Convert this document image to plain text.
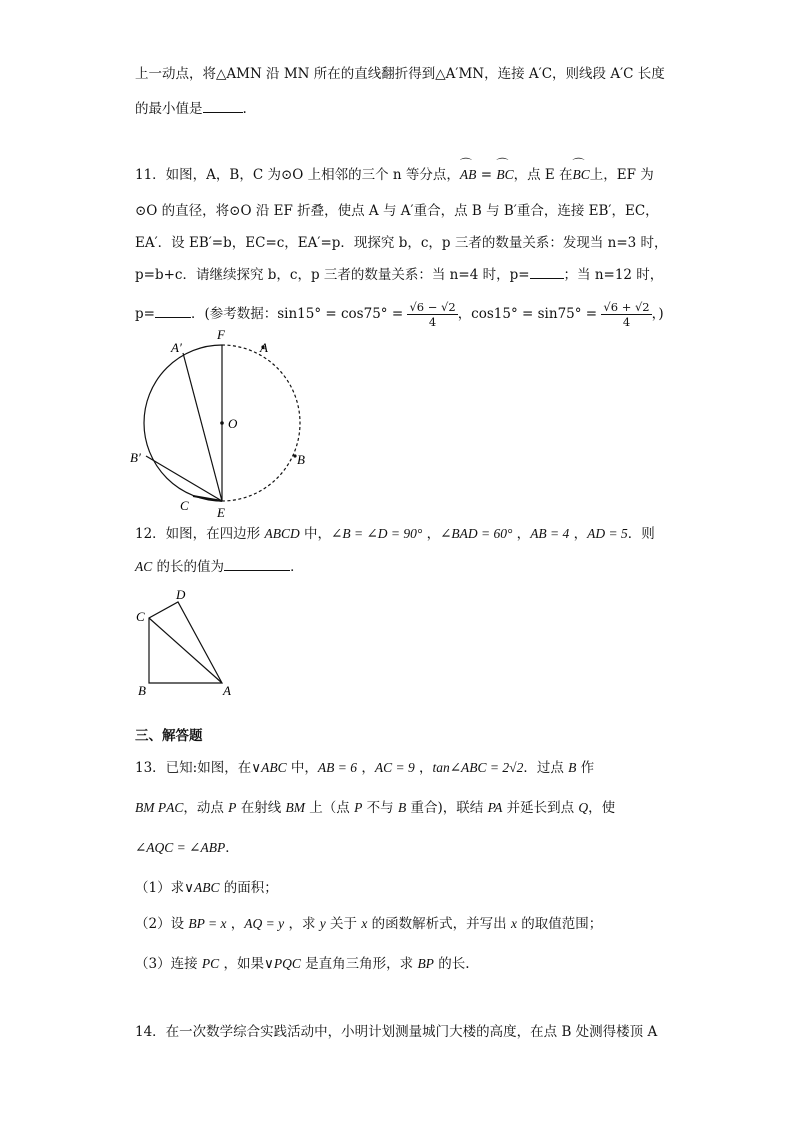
上一动点，将△AMN 沿 MN 所在的直线翻折得到△A′MN，连接 A′C，则线段 A′C 长度
的最小值是	.
11．如图，A，B，C 为⊙O 上相邻的三个 n 等分点，⌒ AB = ⌒ BC，点 E 在⌒ BC上，EF 为
⊙O 的直径，将⊙O 沿 EF 折叠，使点 A 与 A′重合，点 B 与 B′重合，连接 EB′，EC，
EA′．设 EB′=b，EC=c，EA′=p．现探究 b，c，p 三者的数量关系：发现当 n=3 时，
p=b+c．请继续探究 b，c，p 三者的数量关系：当 n=4 时，p=	；当 n=12 时，
p=	．(参考数据：$\sin 15^\circ = \cos 75^\circ = \frac{√6 - √2}{4}$ ，$\cos 15^\circ = \sin 75^\circ = \frac{√6 + √2}{4}$ ，)
F
A′	A
O
B′	B
C E
12．如图，在四边形 ABCD 中，∠B = ∠D = 90° ，∠BAD = 60° ，AB = 4 ，AD = 5．则
AC 的长的值为	．
D
C
B	A
三、解答题
13．已知:如图，在∨ABC 中，AB = 6 ，AC = 9 ，tan∠ABC = 2√2．过点 B 作
BM ΡAC，动点 P 在射线 BM 上（点 P 不与 B 重合)，联结 PA 并延长到点 Q，使
∠AQC = ∠ABP．
（1）求∨ABC 的面积；
（2）设 BP = x ，AQ = y ，求 y 关于 x 的函数解析式，并写出 x 的取值范围；
（3）连接 PC ，如果∨PQC 是直角三角形，求 BP 的长.
14．在一次数学综合实践活动中，小明计划测量城门大楼的高度，在点 B 处测得楼顶 A
